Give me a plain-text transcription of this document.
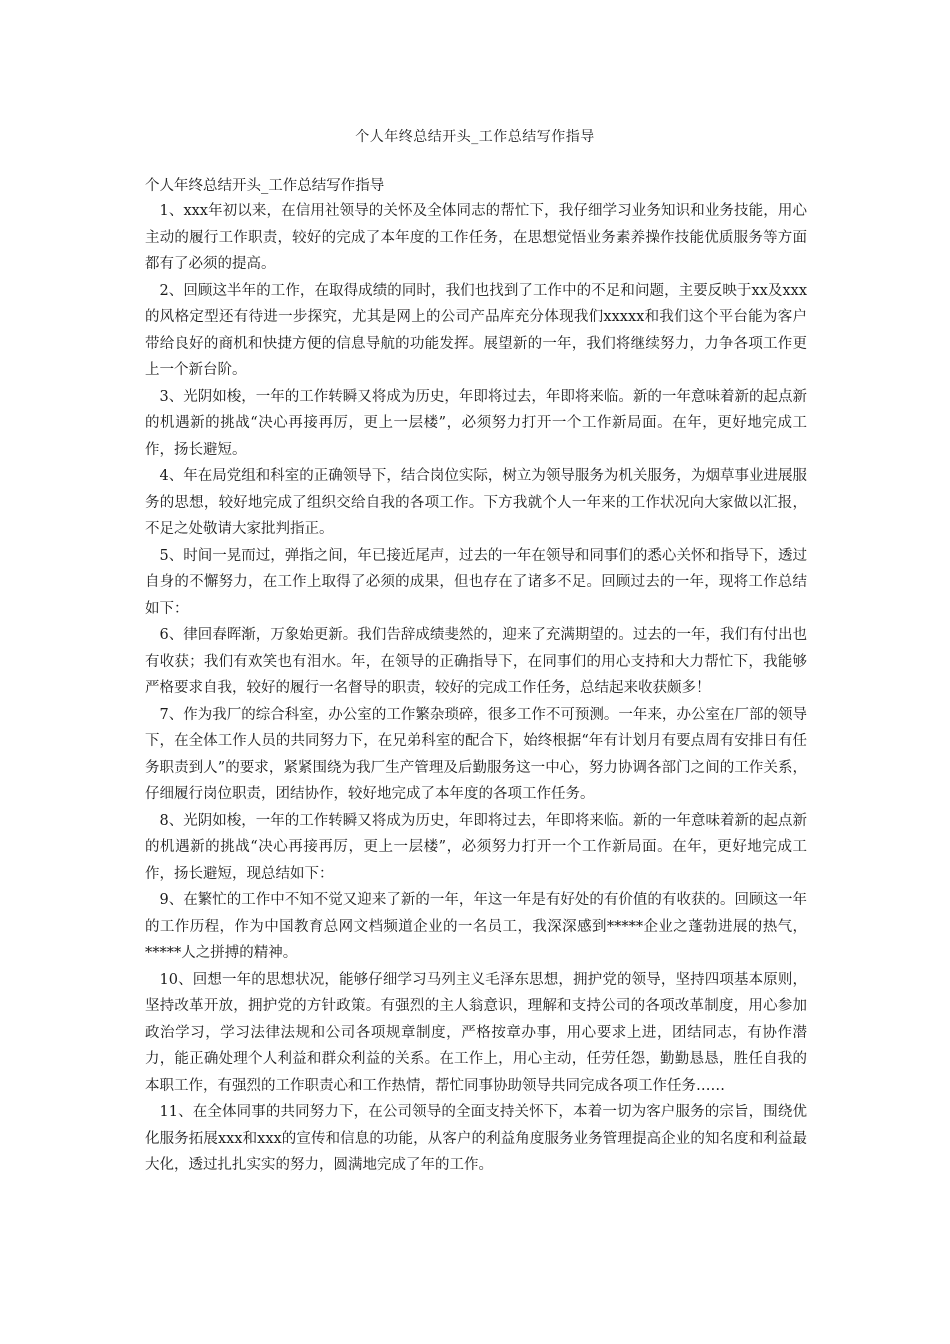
个人年终总结开头_工作总结写作指导

个人年终总结开头_工作总结写作指导

1、xxx年初以来，在信用社领导的关怀及全体同志的帮忙下，我仔细学习业务知识和业务技能，用心主动的履行工作职责，较好的完成了本年度的工作任务，在思想觉悟业务素养操作技能优质服务等方面都有了必须的提高。

2、回顾这半年的工作，在取得成绩的同时，我们也找到了工作中的不足和问题，主要反映于xx及xxx的风格定型还有待进一步探究，尤其是网上的公司产品库充分体现我们xxxxx和我们这个平台能为客户带给良好的商机和快捷方便的信息导航的功能发挥。展望新的一年，我们将继续努力，力争各项工作更上一个新台阶。

3、光阴如梭，一年的工作转瞬又将成为历史，年即将过去，年即将来临。新的一年意味着新的起点新的机遇新的挑战“决心再接再厉，更上一层楼”，必须努力打开一个工作新局面。在年，更好地完成工作，扬长避短。

4、年在局党组和科室的正确领导下，结合岗位实际，树立为领导服务为机关服务，为烟草事业进展服务的思想，较好地完成了组织交给自我的各项工作。下方我就个人一年来的工作状况向大家做以汇报，不足之处敬请大家批判指正。

5、时间一晃而过，弹指之间，年已接近尾声，过去的一年在领导和同事们的悉心关怀和指导下，透过自身的不懈努力，在工作上取得了必须的成果，但也存在了诸多不足。回顾过去的一年，现将工作总结如下：

6、律回春晖渐，万象始更新。我们告辞成绩斐然的，迎来了充满期望的。过去的一年，我们有付出也有收获；我们有欢笑也有泪水。年，在领导的正确指导下，在同事们的用心支持和大力帮忙下，我能够严格要求自我，较好的履行一名督导的职责，较好的完成工作任务，总结起来收获颇多！

7、作为我厂的综合科室，办公室的工作繁杂琐碎，很多工作不可预测。一年来，办公室在厂部的领导下，在全体工作人员的共同努力下，在兄弟科室的配合下，始终根据“年有计划月有要点周有安排日有任务职责到人”的要求，紧紧围绕为我厂生产管理及后勤服务这一中心，努力协调各部门之间的工作关系，仔细履行岗位职责，团结协作，较好地完成了本年度的各项工作任务。

8、光阴如梭，一年的工作转瞬又将成为历史，年即将过去，年即将来临。新的一年意味着新的起点新的机遇新的挑战“决心再接再厉，更上一层楼”，必须努力打开一个工作新局面。在年，更好地完成工作，扬长避短，现总结如下：

9、在繁忙的工作中不知不觉又迎来了新的一年，年这一年是有好处的有价值的有收获的。回顾这一年的工作历程，作为中国教育总网文档频道企业的一名员工，我深深感到*****企业之蓬勃进展的热气，*****人之拼搏的精神。

10、回想一年的思想状况，能够仔细学习马列主义毛泽东思想，拥护党的领导，坚持四项基本原则，坚持改革开放，拥护党的方针政策。有强烈的主人翁意识，理解和支持公司的各项改革制度，用心参加政治学习，学习法律法规和公司各项规章制度，严格按章办事，用心要求上进，团结同志，有协作潜力，能正确处理个人利益和群众利益的关系。在工作上，用心主动，任劳任怨，勤勤恳恳，胜任自我的本职工作，有强烈的工作职责心和工作热情，帮忙同事协助领导共同完成各项工作任务……

11、在全体同事的共同努力下，在公司领导的全面支持关怀下，本着一切为客户服务的宗旨，围绕优化服务拓展xxx和xxx的宣传和信息的功能，从客户的利益角度服务业务管理提高企业的知名度和利益最大化，透过扎扎实实的努力，圆满地完成了年的工作。
